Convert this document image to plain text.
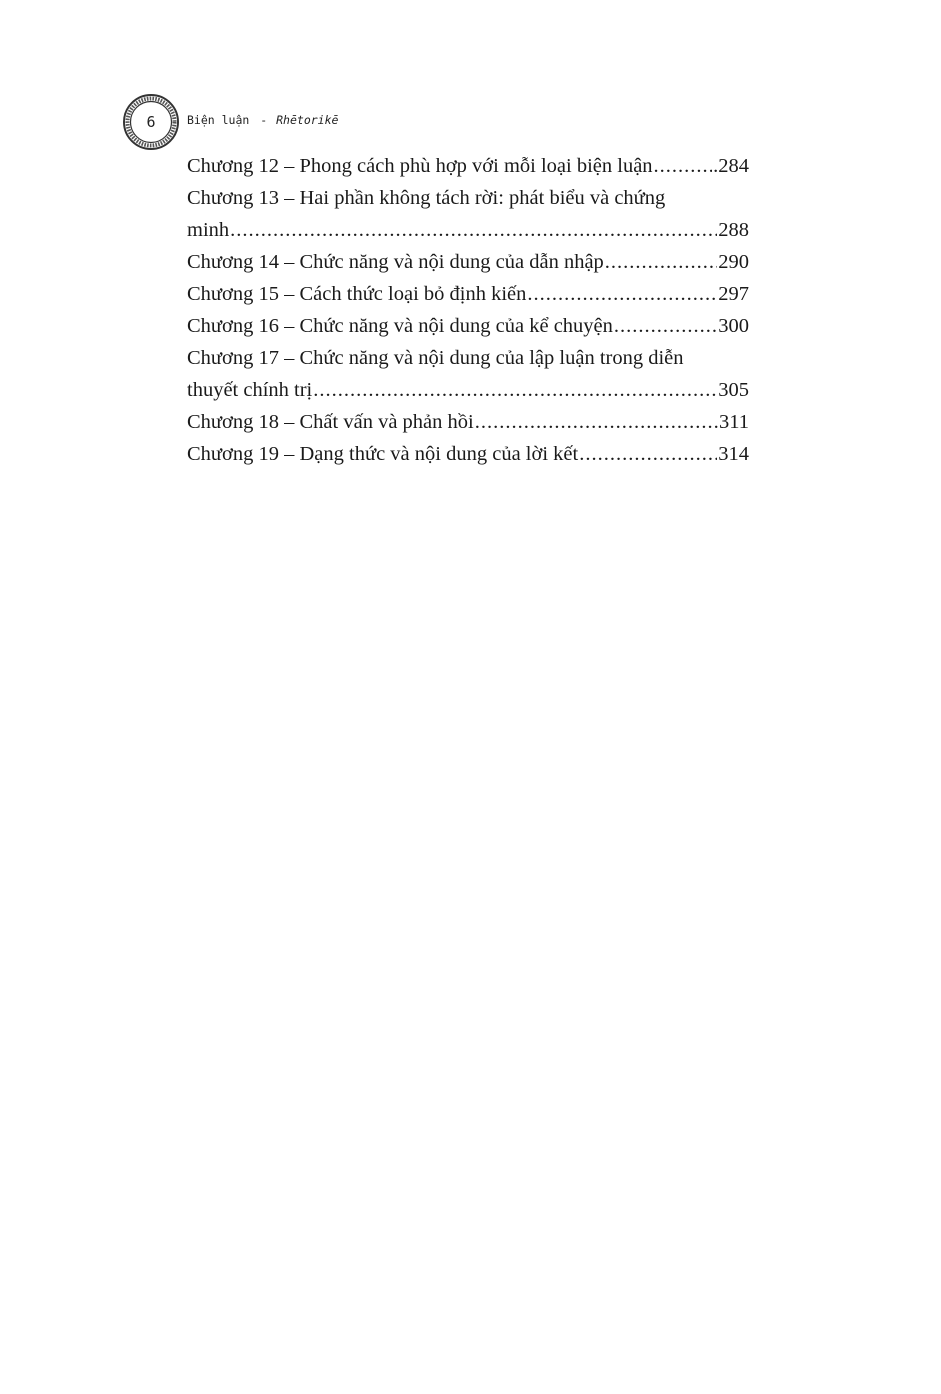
6	Biện luận - Rhētorikē
Chương 12 – Phong cách phù hợp với mỗi loại biện luận .....	.284
Chương 13 – Hai phần không tách rời: phát biểu và chứng
minh .....	288
Chương 14 – Chức năng và nội dung của dẫn nhập .....	290
Chương 15 – Cách thức loại bỏ định kiến .....	297
Chương 16 – Chức năng và nội dung của kể chuyện .....	300
Chương 17 – Chức năng và nội dung của lập luận trong diễn
thuyết chính trị .....	305
Chương 18 – Chất vấn và phản hồi .....	311
Chương 19 – Dạng thức và nội dung của lời kết .....	314
